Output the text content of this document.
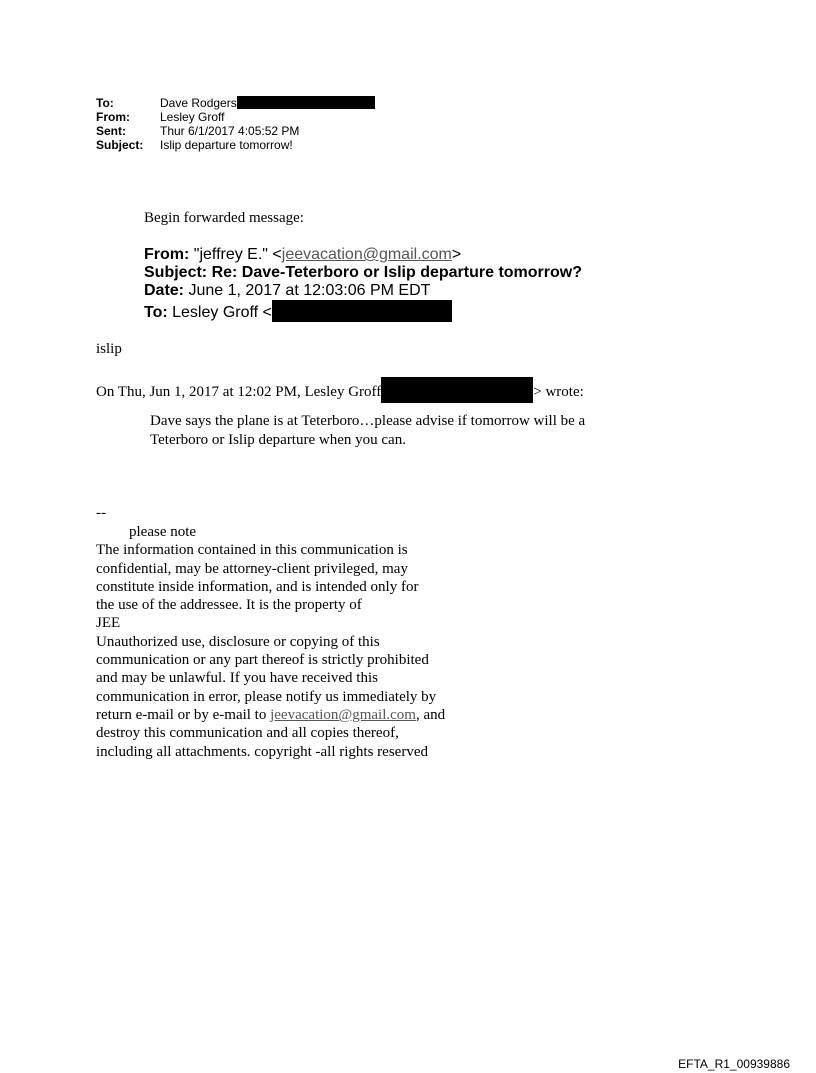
To:	Dave Rodgers
From:	Lesley Groff
Sent:	Thur 6/1/2017 4:05:52 PM
Subject:	Islip departure tomorrow!
Begin forwarded message:
From: "jeffrey E." <jeevacation@gmail.com>
Subject: Re: Dave-Teterboro or Islip departure tomorrow?
Date: June 1, 2017 at 12:03:06 PM EDT
To: Lesley Groff <
islip
On Thu, Jun 1, 2017 at 12:02 PM, Lesley Groff	> wrote:
Dave says the plane is at Teterboro…please advise if tomorrow will be a Teterboro or Islip departure when you can.
--
please note
The information contained in this communication is
confidential, may be attorney-client privileged, may
constitute inside information, and is intended only for
the use of the addressee. It is the property of
JEE
Unauthorized use, disclosure or copying of this
communication or any part thereof is strictly prohibited
and may be unlawful. If you have received this
communication in error, please notify us immediately by
return e-mail or by e-mail to jeevacation@gmail.com, and
destroy this communication and all copies thereof,
including all attachments. copyright -all rights reserved
EFTA_R1_00939886
